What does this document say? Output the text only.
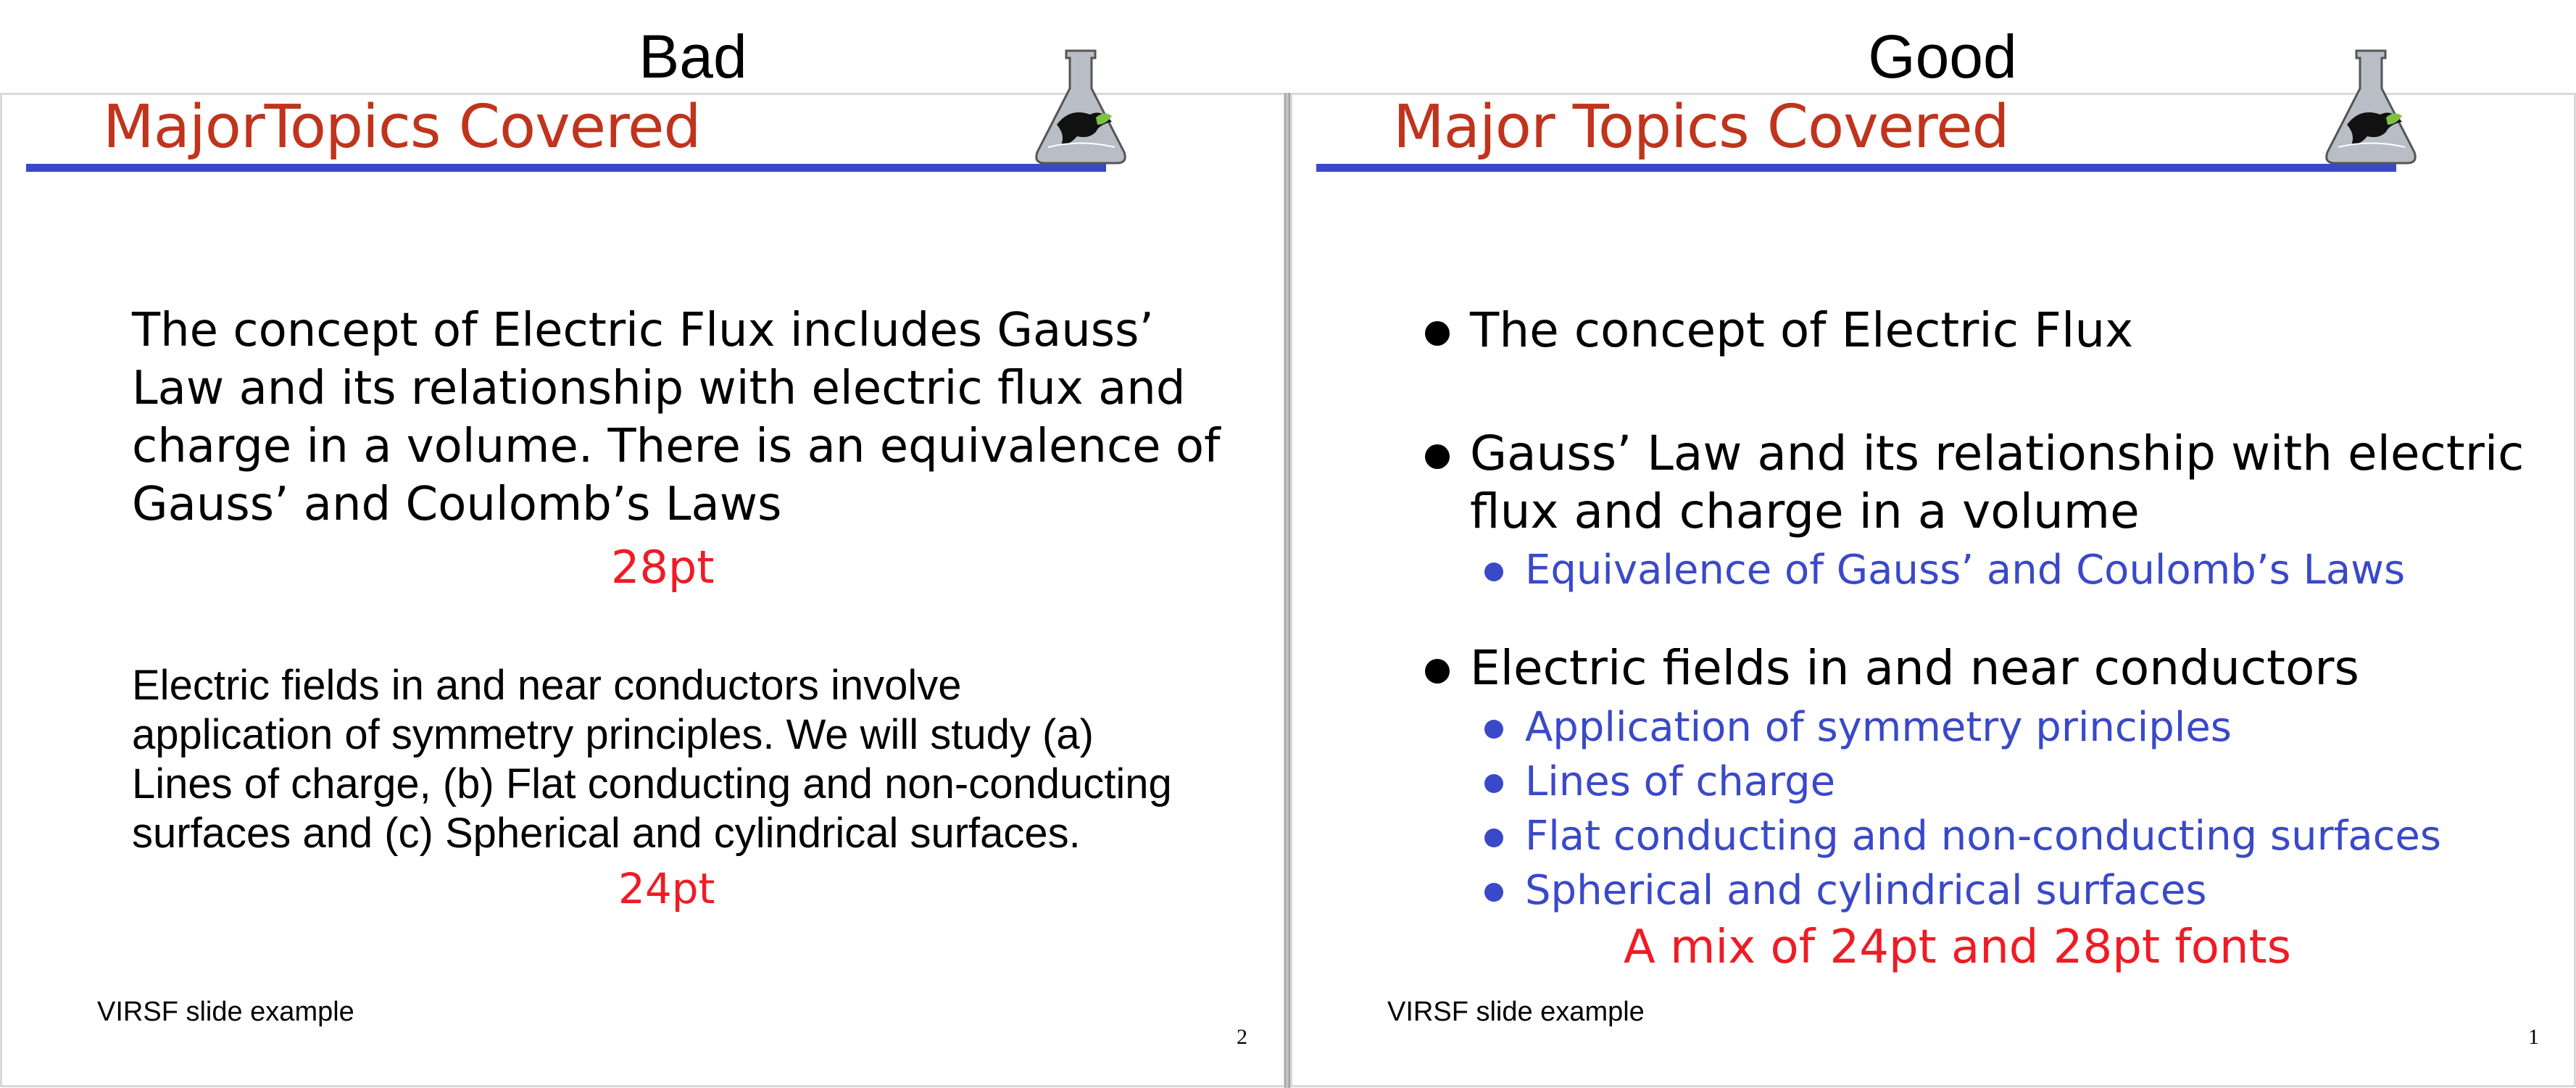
Bad	Good
MajorTopics Covered
The concept of Electric Flux includes Gauss’
Law and its relationship with electric flux and
charge in a volume. There is an equivalence of
Gauss’ and Coulomb’s Laws
28pt
Electric fields in and near conductors involve
application of symmetry principles. We will study (a)
Lines of charge, (b) Flat conducting and non-conducting
surfaces and (c) Spherical and cylindrical surfaces.
24pt
VIRSF slide example
2
Major Topics Covered
The concept of Electric Flux
Gauss’ Law and its relationship with electric
flux and charge in a volume
Equivalence of Gauss’ and Coulomb’s Laws
Electric fields in and near conductors
Application of symmetry principles
Lines of charge
Flat conducting and non-conducting surfaces
Spherical and cylindrical surfaces
A mix of 24pt and 28pt fonts
VIRSF slide example
1
